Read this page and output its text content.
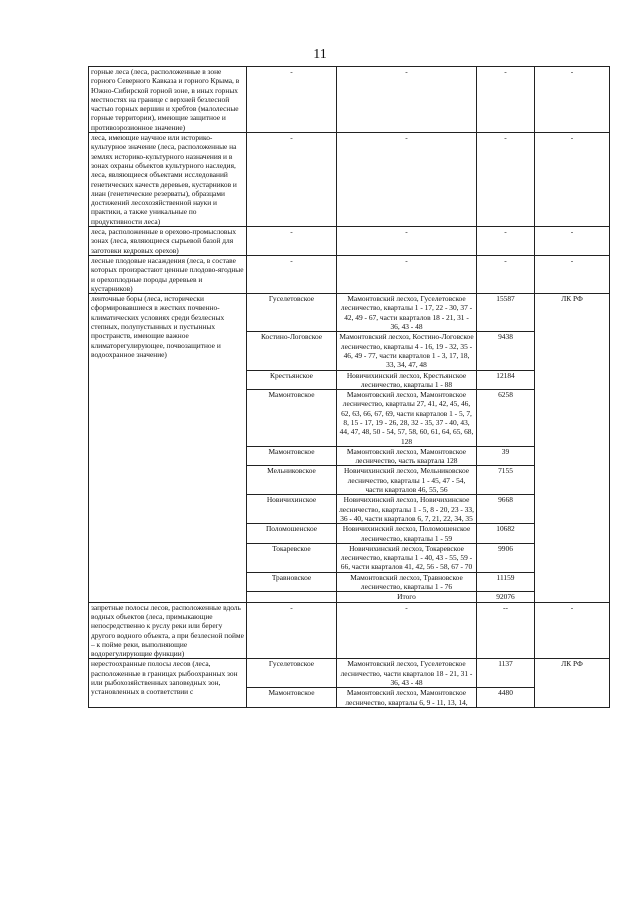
11
горные леса (леса, расположенные в зоне горного Северного Кавказа и горного Крыма, в Южно-Сибирской горной зоне, в иных горных местностях на границе с верхней безлесной частью горных вершин и хребтов (малолесные горные территории), имеющие защитное и противоэрозионное значение)	-	-	-	-
леса, имеющие научное или историко-культурное значение (леса, расположенные на землях историко-культурного назначения и в зонах охраны объектов культурного наследия, леса, являющиеся объектами исследований генетических качеств деревьев, кустарников и лиан (генетические резерваты), образцами достижений лесохозяйственной науки и практики, а также уникальные по продуктивности леса)	-	-	-	-
леса, расположенные в орехово-промысловых зонах (леса, являющиеся сырьевой базой для заготовки кедровых орехов)	-	-	-	-
лесные плодовые насаждения (леса, в составе которых произрастают ценные плодово-ягодные и орехоплодные породы деревьев и кустарников)	-	-	-	-
ленточные боры (леса, исторически сформировавшиеся в жестких почвенно-климатических условиях среди безлесных степных, полупустынных и пустынных пространств, имеющие важное климаторегулирующее, почвозащитное и водоохранное значение)	Гуселетовское	Мамонтовский лесхоз, Гуселетовское лесничество, кварталы 1 - 17, 22 - 30, 37 - 42, 49 - 67, части кварталов 18 - 21, 31 - 36, 43 - 48	15587	ЛК РФ
	Костино-Логовское	Мамонтовский лесхоз, Костино-Логовское лесничество, кварталы 4 - 16, 19 - 32, 35 - 46, 49 - 77, части кварталов 1 - 3, 17, 18, 33, 34, 47, 48	9438	
	Крестьянское	Новичихинский лесхоз, Крестьянское лесничество, кварталы 1 - 88	12184	
	Мамонтовское	Мамонтовский лесхоз, Мамонтовское лесничество, кварталы 27, 41, 42, 45, 46, 62, 63, 66, 67, 69, части кварталов 1 - 5, 7, 8, 15 - 17, 19 - 26, 28, 32 - 35, 37 - 40, 43, 44, 47, 48, 50 - 54, 57, 58, 60, 61, 64, 65, 68, 128	6258	
	Мамонтовское	Мамонтовский лесхоз, Мамонтовское лесничество, часть квартала 128	39	
	Мельниковское	Новичихинский лесхоз, Мельниковское лесничество, кварталы 1 - 45, 47 - 54, части кварталов 46, 55, 56	7155	
	Новичихинское	Новичихинский лесхоз, Новичихинское лесничество, кварталы 1 - 5, 8 - 20, 23 - 33, 36 - 40, части кварталов 6, 7, 21, 22, 34, 35	9668	
	Поломошенское	Новичихинский лесхоз, Поломошенское лесничество, кварталы 1 - 59	10682	
	Токаревское	Новичихинский лесхоз, Токаревское лесничество, кварталы 1 - 40, 43 - 55, 59 - 66, части кварталов 41, 42, 56 - 58, 67 - 70	9906	
	Травновское	Мамонтовский лесхоз, Травновское лесничество, кварталы 1 - 76	11159	
		Итого	92076	
запретные полосы лесов, расположенные вдоль водных объектов (леса, примыкающие непосредственно к руслу реки или берегу другого водного объекта, а при безлесной пойме – к пойме реки, выполняющие водорегулирующие функции)	-	-	--	-
нерестоохранные полосы лесов (леса, расположенные в границах рыбоохранных зон или рыбохозяйственных заповедных зон, установленных в соответствии с	Гуселетовское	Мамонтовский лесхоз, Гуселетовское лесничество, части кварталов 18 - 21, 31 - 36, 43 - 48	1137	ЛК РФ
	Мамонтовское	Мамонтовский лесхоз, Мамонтовское лесничество, кварталы 6, 9 - 11, 13, 14,	4480	
